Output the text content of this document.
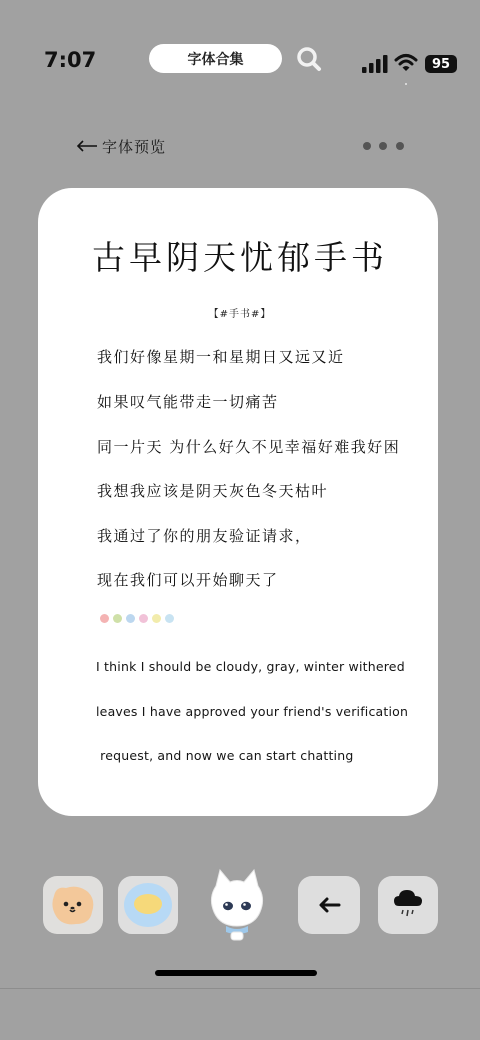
7:07	字体合集	95
字体预览
古早阴天忧郁手书
【#手书#】
我们好像星期一和星期日又远又近
如果叹气能带走一切痛苦
同一片天 为什么好久不见幸福好难我好困
我想我应该是阴天灰色冬天枯叶
我通过了你的朋友验证请求，
现在我们可以开始聊天了
I think I should be cloudy, gray, winter withered
leaves I have approved your friend's verification
request, and now we can start chatting
